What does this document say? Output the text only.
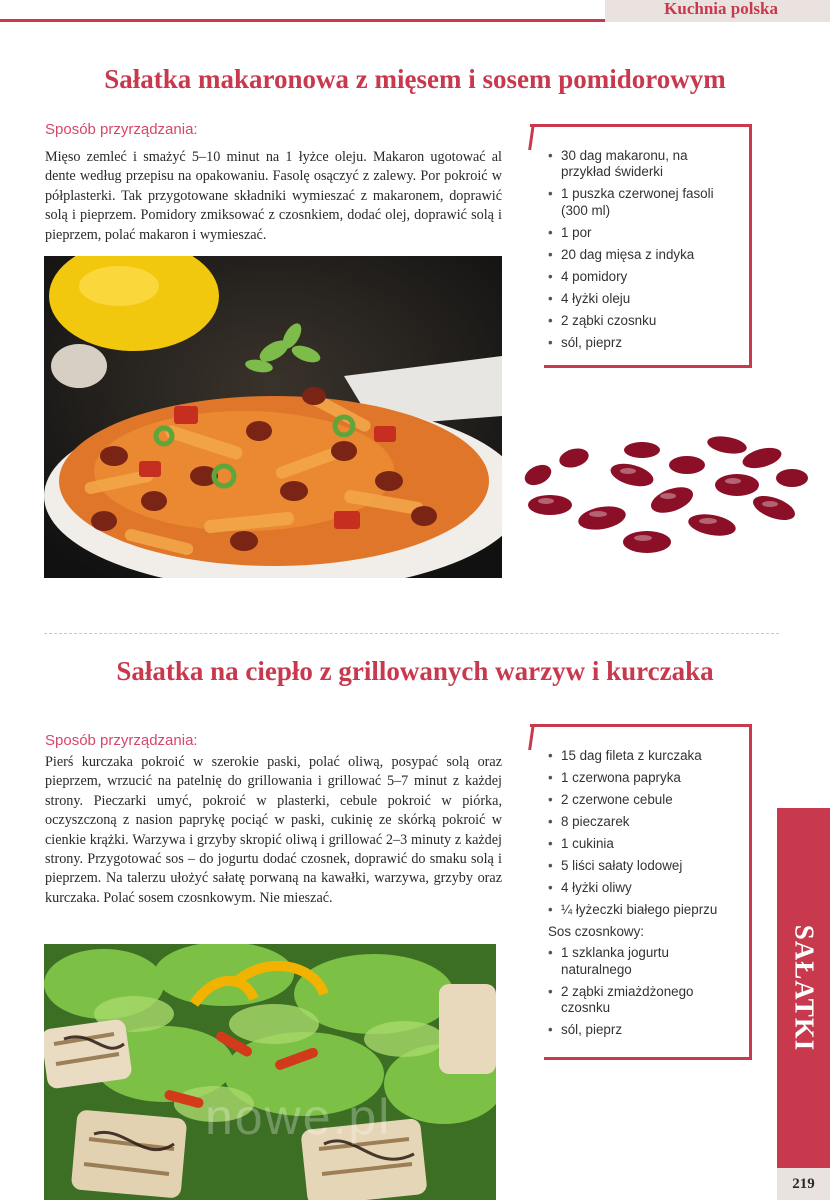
Kuchnia polska
Sałatka makaronowa z mięsem i sosem pomidorowym
Sposób przyrządzania:

Mięso zemleć i smażyć 5–10 minut na 1 łyżce oleju. Makaron ugotować al dente według przepisu na opakowaniu. Fasolę osączyć z zalewy. Por pokroić w półplasterki. Tak przygotowane składniki wymieszać z makaronem, doprawić solą i pieprzem. Pomidory zmiksować z czosnkiem, dodać olej, doprawić solą i pieprzem, polać makaron i wymieszać.

• 30 dag makaronu, na przykład świderki
• 1 puszka czerwonej fasoli (300 ml)
• 1 por
• 20 dag mięsa z indyka
• 4 pomidory
• 4 łyżki oleju
• 2 ząbki czosnku
• sól, pieprz
Sałatka na ciepło z grillowanych warzyw i kurczaka
Sposób przyrządzania:

Pierś kurczaka pokroić w szerokie paski, polać oliwą, posypać solą oraz pieprzem, wrzucić na patelnię do grillowania i grillować 5–7 minut z każdej strony. Pieczarki umyć, pokroić w plasterki, cebule pokroić w piórka, oczyszczoną z nasion paprykę pociąć w paski, cukinię ze skórką pokroić w cienkie krążki. Warzywa i grzyby skropić oliwą i grillować 2–3 minuty z każdej strony. Przygotować sos – do jogurtu dodać czosnek, doprawić do smaku solą i pieprzem. Na talerzu ułożyć sałatę porwaną na kawałki, warzywa, grzyby oraz kurczaka. Polać sosem czosnkowym. Nie mieszać.

• 15 dag fileta z kurczaka
• 1 czerwona papryka
• 2 czerwone cebule
• 8 pieczarek
• 1 cukinia
• 5 liści sałaty lodowej
• 4 łyżki oliwy
• ¼ łyżeczki białego pieprzu
Sos czosnkowy:
• 1 szklanka jogurtu naturalnego
• 2 ząbki zmiażdżonego czosnku
• sól, pieprz
nowe.pl
SAŁATKI
219
